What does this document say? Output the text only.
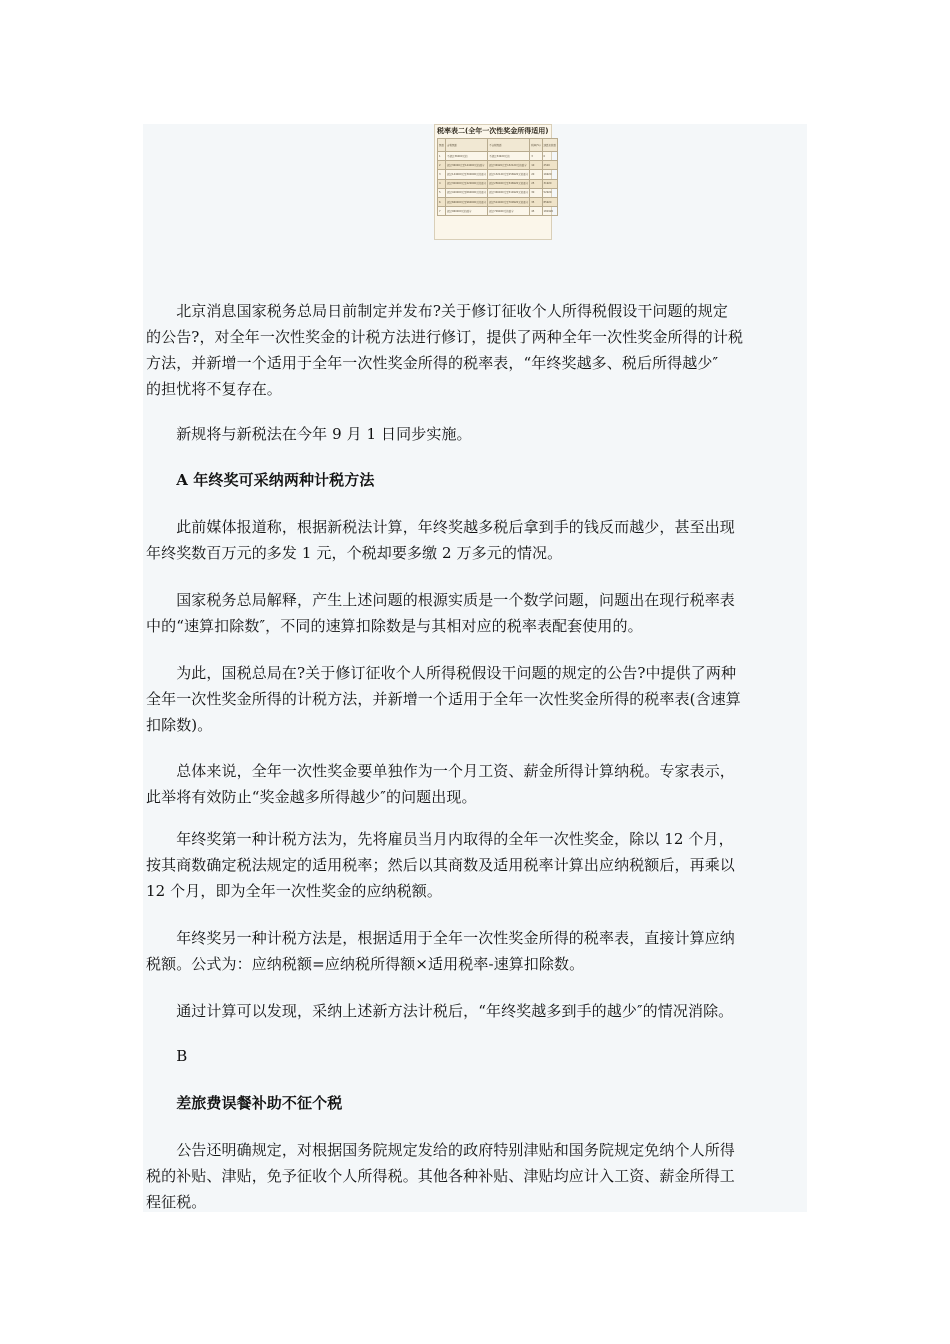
税率表二(全年一次性奖金所得适用)
级数	含税级距	不含税级距	税率(%)	速算扣除数
1	不超过36000元的	不超过34920元的	3	0
2	超过36000元至144000元的部分	超过34920元至132120元的部分	10	2520
3	超过144000元至300000元的部分	超过132120元至256920元的部分	20	16920
4	超过300000元至420000元的部分	超过256920元至346920元的部分	25	31920
5	超过420000元至660000元的部分	超过346920元至514920元的部分	30	52920
6	超过660000元至960000元的部分	超过514920元至709920元的部分	35	85920
7	超过960000元的部分	超过709920元的部分	45	181920

　　北京消息国家税务总局日前制定并发布?关于修订征收个人所得税假设干问题的规定
的公告?，对全年一次性奖金的计税方法进行修订，提供了两种全年一次性奖金所得的计税
方法，并新增一个适用于全年一次性奖金所得的税率表，“年终奖越多、税后所得越少″
的担忧将不复存在。

　　新规将与新税法在今年 9 月 1 日同步实施。

　　A 年终奖可采纳两种计税方法

　　此前媒体报道称，根据新税法计算，年终奖越多税后拿到手的钱反而越少，甚至出现
年终奖数百万元的多发 1 元，个税却要多缴 2 万多元的情况。

　　国家税务总局解释，产生上述问题的根源实质是一个数学问题，问题出在现行税率表
中的“速算扣除数″，不同的速算扣除数是与其相对应的税率表配套使用的。

　　为此，国税总局在?关于修订征收个人所得税假设干问题的规定的公告?中提供了两种
全年一次性奖金所得的计税方法，并新增一个适用于全年一次性奖金所得的税率表(含速算
扣除数)。

　　总体来说，全年一次性奖金要单独作为一个月工资、薪金所得计算纳税。专家表示，
此举将有效防止“奖金越多所得越少″的问题出现。

　　年终奖第一种计税方法为，先将雇员当月内取得的全年一次性奖金，除以 12 个月，
按其商数确定税法规定的适用税率；然后以其商数及适用税率计算出应纳税额后，再乘以
12 个月，即为全年一次性奖金的应纳税额。

　　年终奖另一种计税方法是，根据适用于全年一次性奖金所得的税率表，直接计算应纳
税额。公式为：应纳税额=应纳税所得额×适用税率-速算扣除数。

　　通过计算可以发现，采纳上述新方法计税后，“年终奖越多到手的越少″的情况消除。

　　B

　　差旅费误餐补助不征个税

　　公告还明确规定，对根据国务院规定发给的政府特别津贴和国务院规定免纳个人所得
税的补贴、津贴，免予征收个人所得税。其他各种补贴、津贴均应计入工资、薪金所得工
程征税。
